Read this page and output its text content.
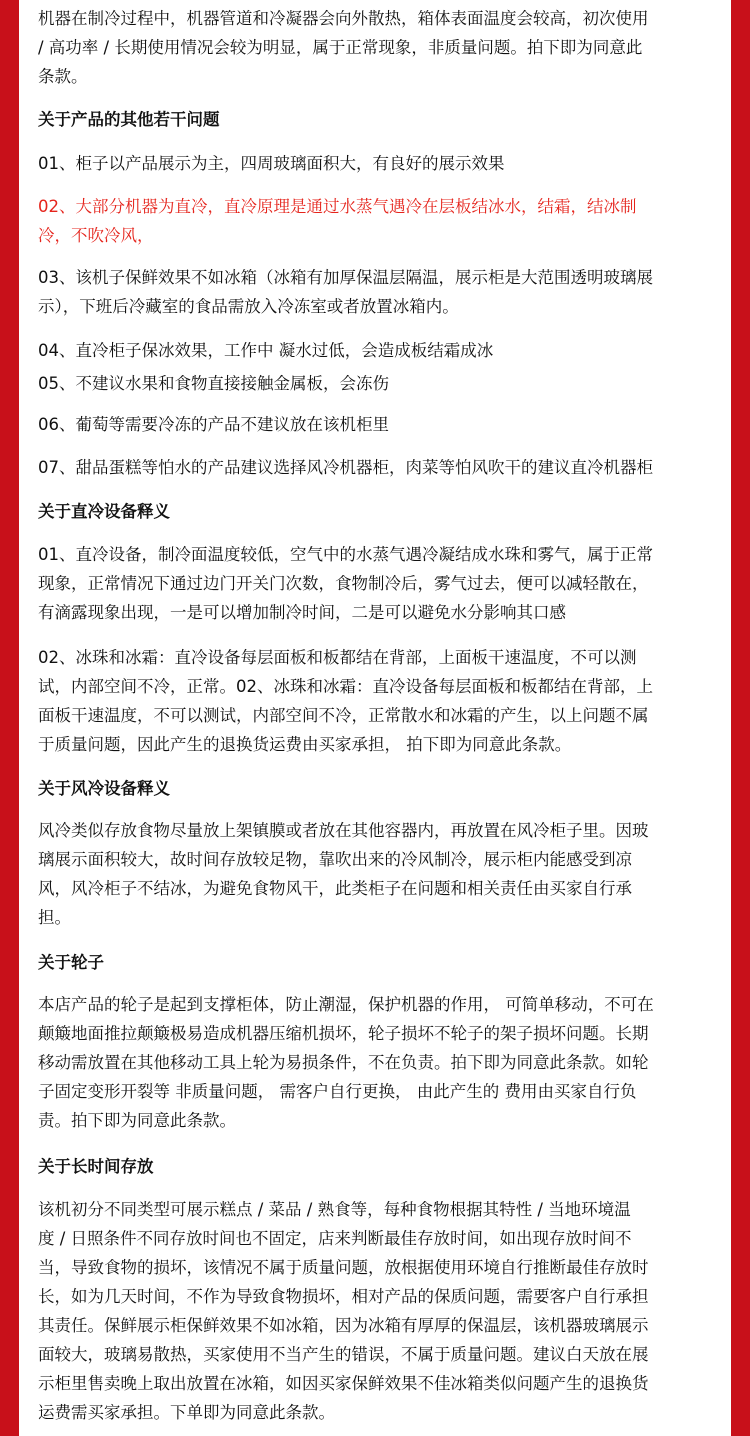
机器在制冷过程中，机器管道和冷凝器会向外散热，箱体表面温度会较高，初次使用
/ 高功率 / 长期使用情况会较为明显，属于正常现象，非质量问题。拍下即为同意此
条款。
关于产品的其他若干问题
01、柜子以产品展示为主，四周玻璃面积大，有良好的展示效果
02、大部分机器为直冷，直冷原理是通过水蒸气遇冷在层板结冰水，结霜，结冰制
冷，不吹冷风，
03、该机子保鲜效果不如冰箱（冰箱有加厚保温层隔温，展示柜是大范围透明玻璃展
示），下班后冷藏室的食品需放入冷冻室或者放置冰箱内。
04、直冷柜子保冰效果，工作中 凝水过低，会造成板结霜成冰
05、不建议水果和食物直接接触金属板，会冻伤
06、葡萄等需要冷冻的产品不建议放在该机柜里
07、甜品蛋糕等怕水的产品建议选择风冷机器柜，肉菜等怕风吹干的建议直冷机器柜
关于直冷设备释义
01、直冷设备，制冷面温度较低，空气中的水蒸气遇冷凝结成水珠和雾气，属于正常
现象，正常情况下通过边门开关门次数，食物制冷后，雾气过去，便可以减轻散在，
有滴露现象出现，一是可以增加制冷时间，二是可以避免水分影响其口感
02、冰珠和冰霜：直冷设备每层面板和板都结在背部，上面板干速温度，不可以测
试，内部空间不冷，正常。02、冰珠和冰霜：直冷设备每层面板和板都结在背部，上
面板干速温度，不可以测试，内部空间不冷，正常散水和冰霜的产生，以上问题不属
于质量问题，因此产生的退换货运费由买家承担， 拍下即为同意此条款。
关于风冷设备释义
风冷类似存放食物尽量放上架镇膜或者放在其他容器内，再放置在风冷柜子里。因玻
璃展示面积较大，故时间存放较足物，靠吹出来的冷风制冷，展示柜内能感受到凉
风，风冷柜子不结冰，为避免食物风干，此类柜子在问题和相关责任由买家自行承
担。
关于轮子
本店产品的轮子是起到支撑柜体，防止潮湿，保护机器的作用， 可简单移动，不可在
颠簸地面推拉颠簸极易造成机器压缩机损坏，轮子损坏不轮子的架子损坏问题。长期
移动需放置在其他移动工具上轮为易损条件，不在负责。拍下即为同意此条款。如轮
子固定变形开裂等 非质量问题， 需客户自行更换， 由此产生的 费用由买家自行负
责。拍下即为同意此条款。
关于长时间存放
该机初分不同类型可展示糕点 / 菜品 / 熟食等，每种食物根据其特性 / 当地环境温
度 / 日照条件不同存放时间也不固定，店来判断最佳存放时间，如出现存放时间不
当，导致食物的损坏，该情况不属于质量问题，放根据使用环境自行推断最佳存放时
长，如为几天时间，不作为导致食物损坏，相对产品的保质问题，需要客户自行承担
其责任。保鲜展示柜保鲜效果不如冰箱，因为冰箱有厚厚的保温层，该机器玻璃展示
面较大，玻璃易散热，买家使用不当产生的错误，不属于质量问题。建议白天放在展
示柜里售卖晚上取出放置在冰箱，如因买家保鲜效果不佳冰箱类似问题产生的退换货
运费需买家承担。下单即为同意此条款。
